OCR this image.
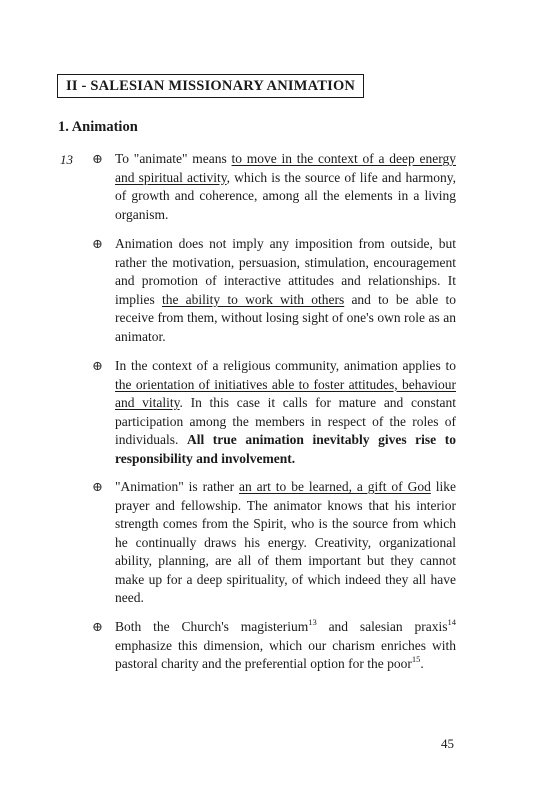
II - SALESIAN MISSIONARY ANIMATION
1. Animation
13 ⊕ To "animate" means to move in the context of a deep energy and spiritual activity, which is the source of life and harmony, of growth and coherence, among all the elements in a living organism.
⊕ Animation does not imply any imposition from outside, but rather the motivation, persuasion, stimulation, encouragement and promotion of interactive attitudes and relationships. It implies the ability to work with others and to be able to receive from them, without losing sight of one's own role as an animator.
⊕ In the context of a religious community, animation applies to the orientation of initiatives able to foster attitudes, behaviour and vitality. In this case it calls for mature and constant participation among the members in respect of the roles of individuals. All true animation inevitably gives rise to responsibility and involvement.
⊕ "Animation" is rather an art to be learned, a gift of God like prayer and fellowship. The animator knows that his interior strength comes from the Spirit, who is the source from which he continually draws his energy. Creativity, organizational ability, planning, are all of them important but they cannot make up for a deep spirituality, of which indeed they all have need.
⊕ Both the Church's magisterium$^{13}$ and salesian praxis$^{14}$ emphasize this dimension, which our charism enriches with pastoral charity and the preferential option for the poor$^{15}$.
45
